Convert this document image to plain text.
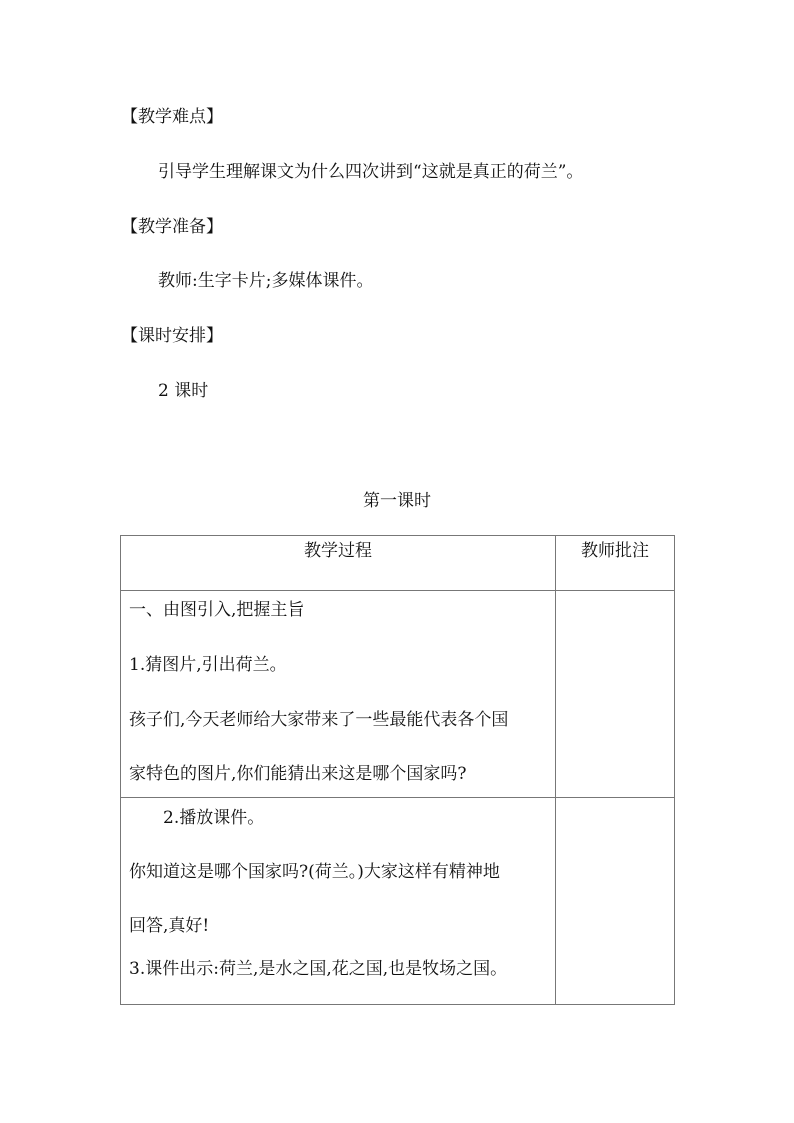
【教学难点】
引导学生理解课文为什么四次讲到“这就是真正的荷兰”。
【教学准备】
教师:生字卡片;多媒体课件。
【课时安排】
2 课时
第一课时
教学过程	教师批注

一、由图引入,把握主旨
1.猜图片,引出荷兰。
孩子们,今天老师给大家带来了一些最能代表各个国
家特色的图片,你们能猜出来这是哪个国家吗?	

2.播放课件。
你知道这是哪个国家吗?(荷兰。)大家这样有精神地
回答,真好!
3.课件出示:荷兰,是水之国,花之国,也是牧场之国。	
